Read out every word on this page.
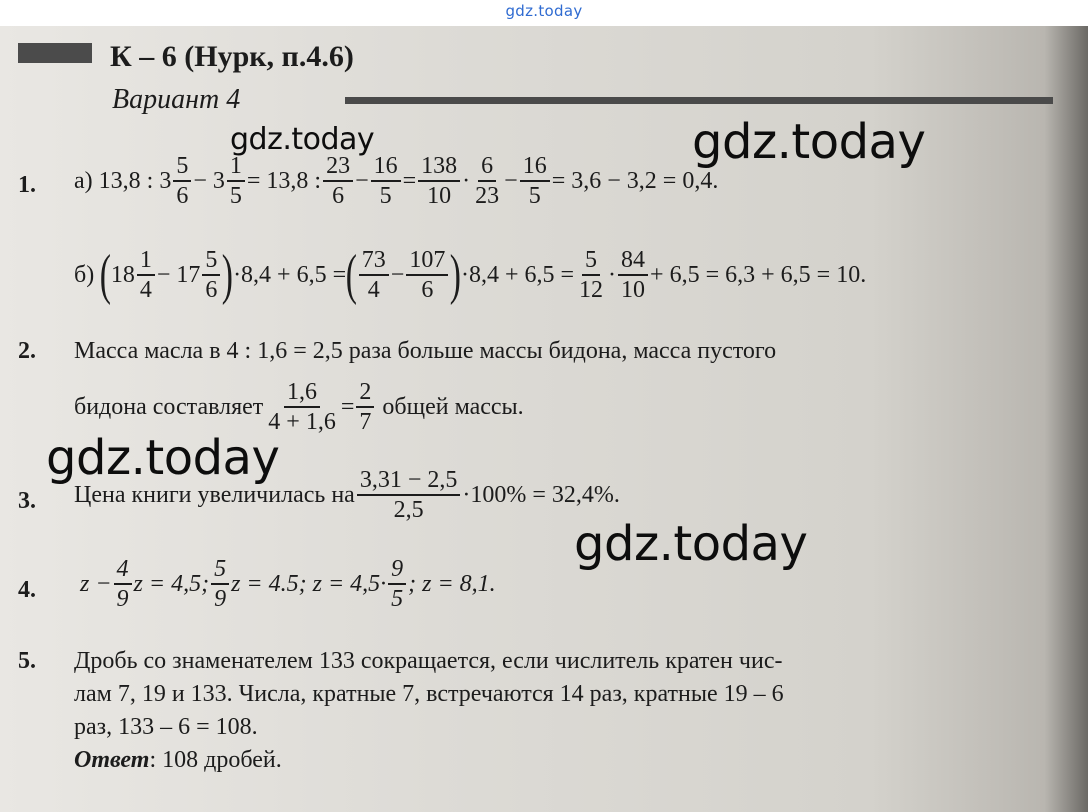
gdz.today
К – 6 (Нурк, п.4.6)
Вариант 4
1. а)
13,8 : $3 \frac{5}{6} - 3 \frac{1}{5} = 13,8$ : $\frac{23}{6} - \frac{16}{5} = \frac{138}{10} \cdot \frac{6}{23} - \frac{16}{5} = 3,6 - 3,2 = 0,4$.
б)
( $18 \frac{1}{4} - 17 \frac{5}{6}$ ) ·8,4 + 6,5 = ( $\frac{73}{4} - \frac{107}{6}$ ) $\cdot 8,4 + 6,5 = \frac{5}{12} \cdot \frac{84}{10} + 6,5 = 6,3 + 6,5 = 10$.
2. Масса масла в 4 : 1,6 = 2,5 раза больше массы бидона, масса пустого
бидона составляет $\frac{1,6}{4 + 1,6} = \frac{2}{7}$
общей массы.
3. Цена книги увеличилась на $\frac{3,31 - 2,5}{2,5} \cdot 100\% = 32,4\%$.
4. $z - \frac{4}{9}$ z = 4,5; $\frac{5}{9}$ z = 4.5; $z = 4,5\cdot \frac{9}{5}$ ; z = 8,1.
5. Дробь со знаменателем 133 сокращается, если числитель кратен чис-
лам 7, 19 и 133. Числа, кратные 7, встречаются 14 раз, кратные 19 – 6
раз, 133 – 6 = 108.
Ответ: 108 дробей.
gdz.today	gdz.today
gdz.today
gdz.today
